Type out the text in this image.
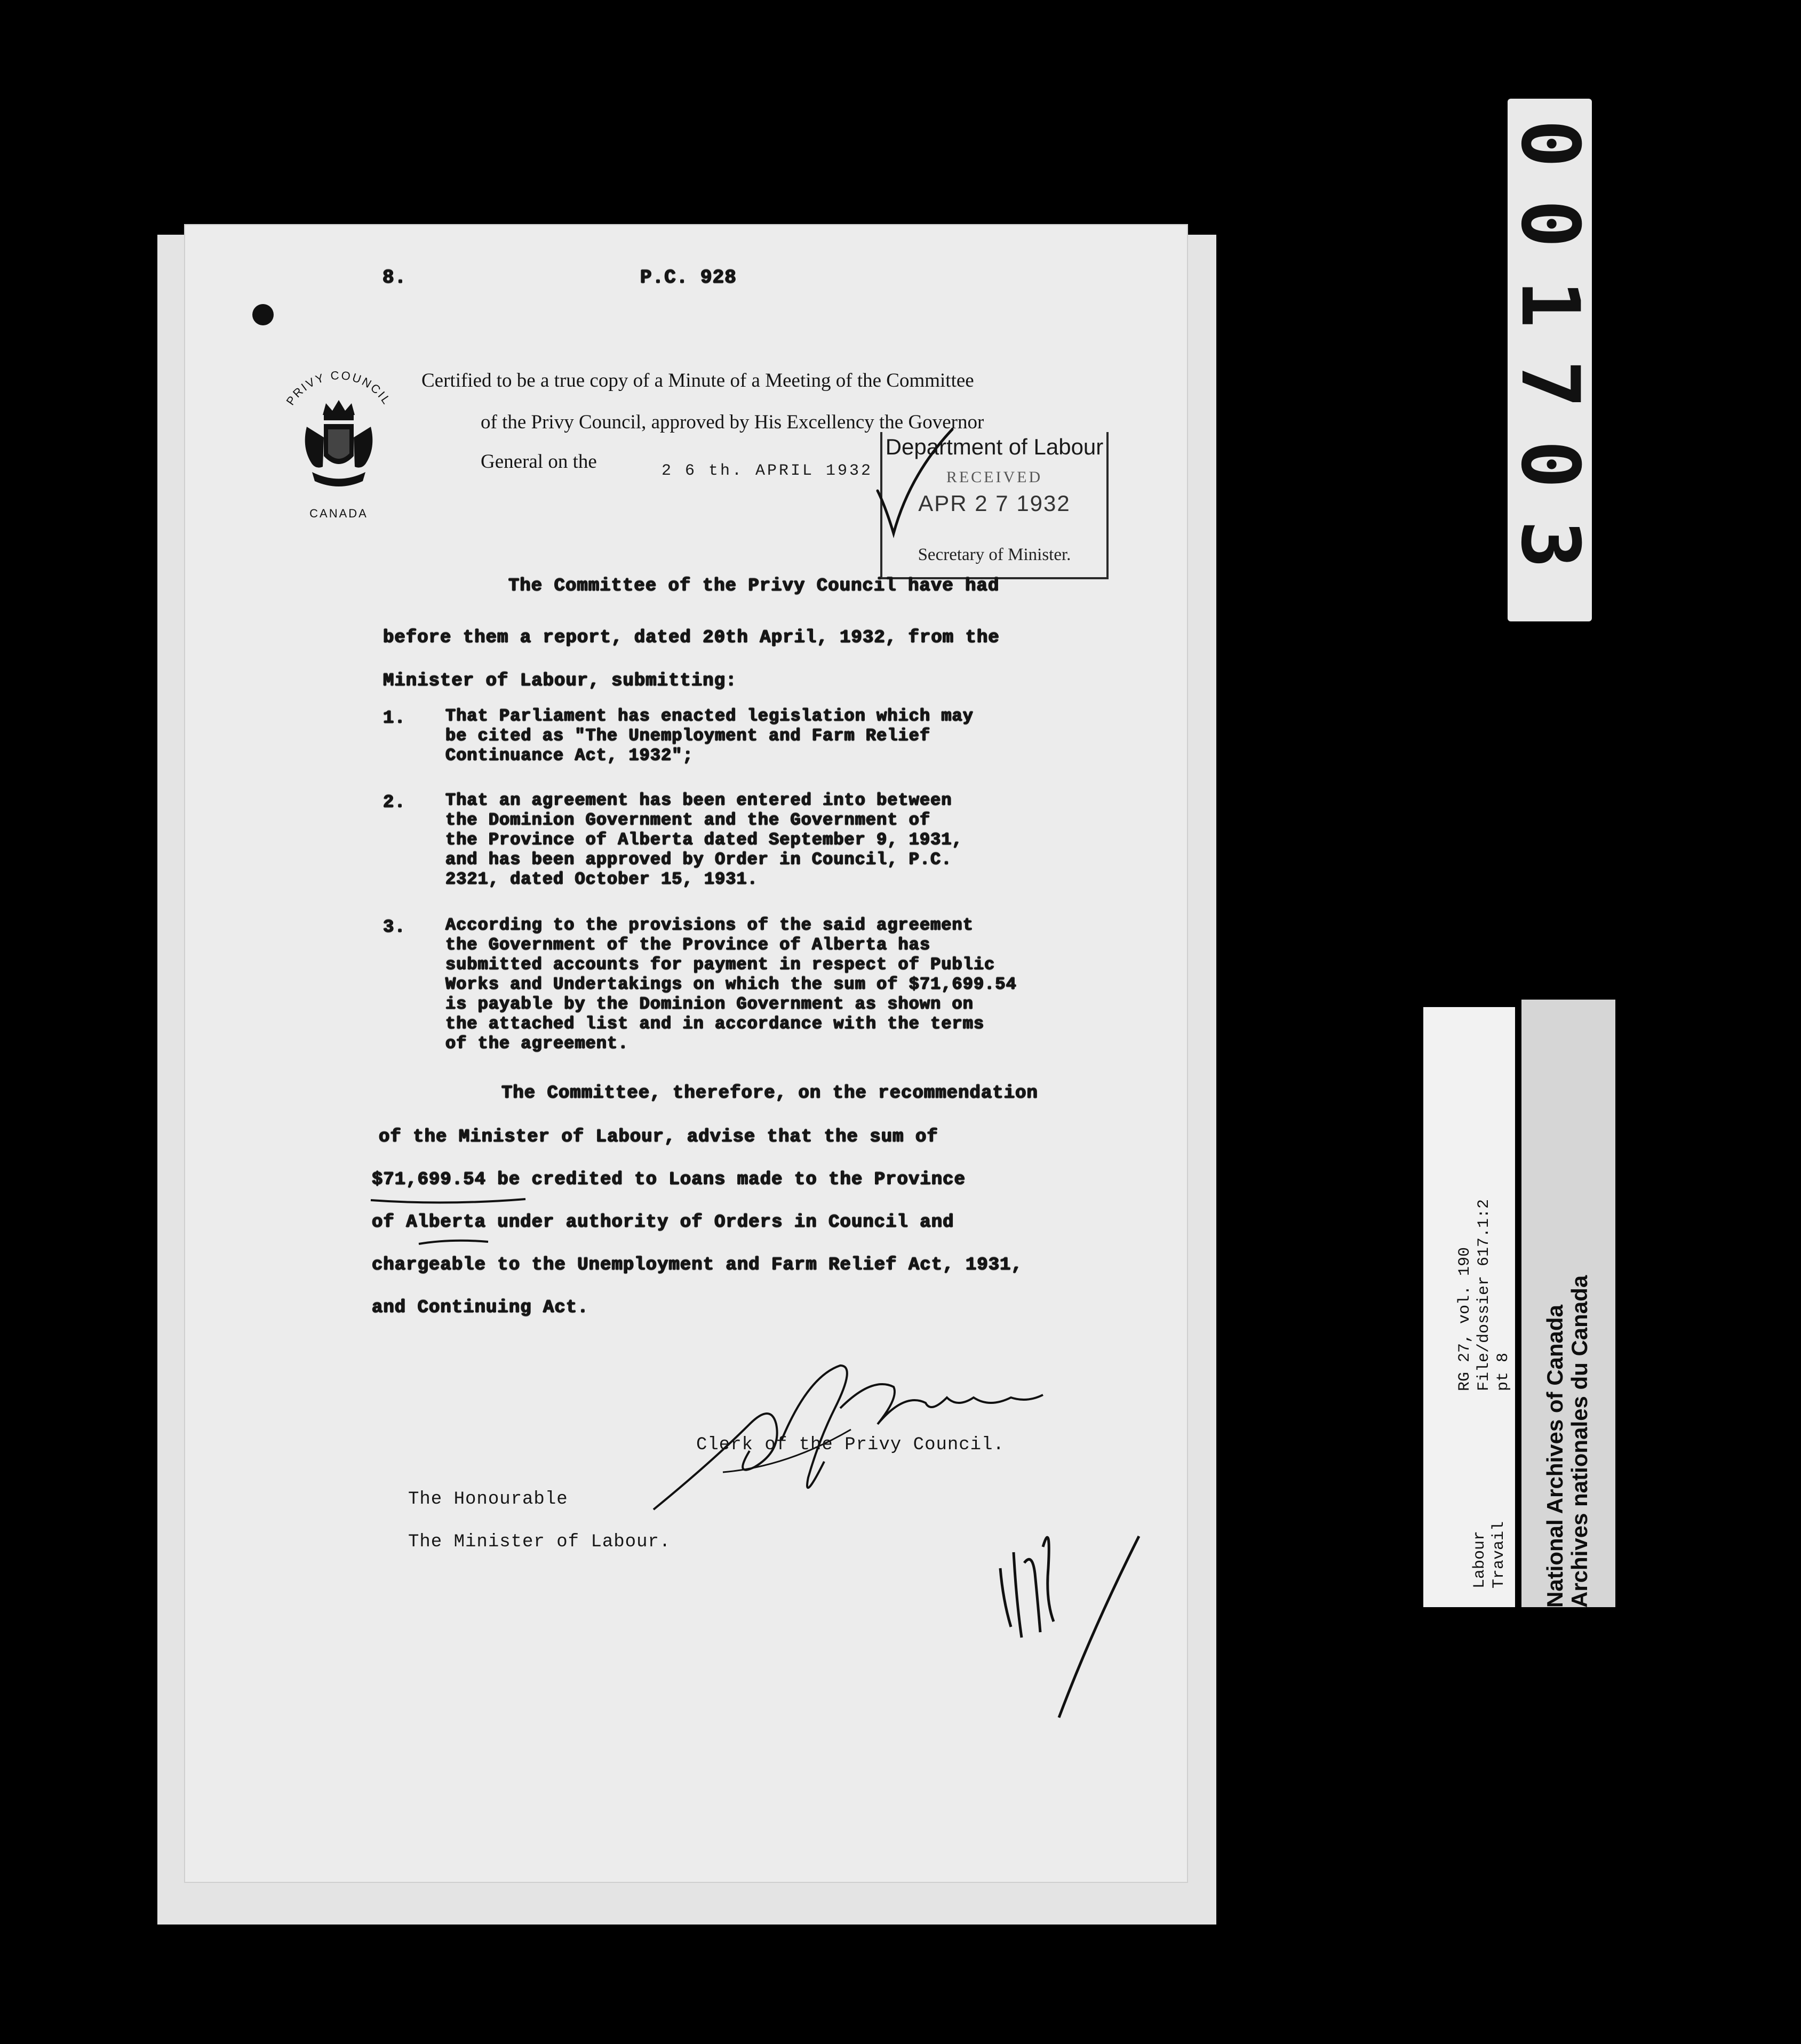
8.	P.C. 928
PRIVY COUNCIL
CANADA
Certified to be a true copy of a Minute of a Meeting of the Committee
of the Privy Council, approved by His Excellency the Governor
General on the	2 6 th. APRIL 1932
Department of Labour
RECEIVED
APR 2 7 1932
Secretary of Minister.
The Committee of the Privy Council have had
before them a report, dated 20th April, 1932, from the
Minister of Labour, submitting:
1. That Parliament has enacted legislation which may
be cited as "The Unemployment and Farm Relief
Continuance Act, 1932";
2. That an agreement has been entered into between
the Dominion Government and the Government of
the Province of Alberta dated September 9, 1931,
and has been approved by Order in Council, P.C.
2321, dated October 15, 1931.
3. According to the provisions of the said agreement
the Government of the Province of Alberta has
submitted accounts for payment in respect of Public
Works and Undertakings on which the sum of $71,699.54
is payable by the Dominion Government as shown on
the attached list and in accordance with the terms
of the agreement.
The Committee, therefore, on the recommendation
of the Minister of Labour, advise that the sum of
$71,699.54 be credited to Loans made to the Province
of Alberta under authority of Orders in Council and
chargeable to the Unemployment and Farm Relief Act, 1931,
and Continuing Act.
Clerk of the Privy Council.
The Honourable
The Minister of Labour.
001703
RG 27, vol. 190 File/dossier 617.1:2 pt 8
Labour Travail National Archives of Canada Archives nationales du Canada
